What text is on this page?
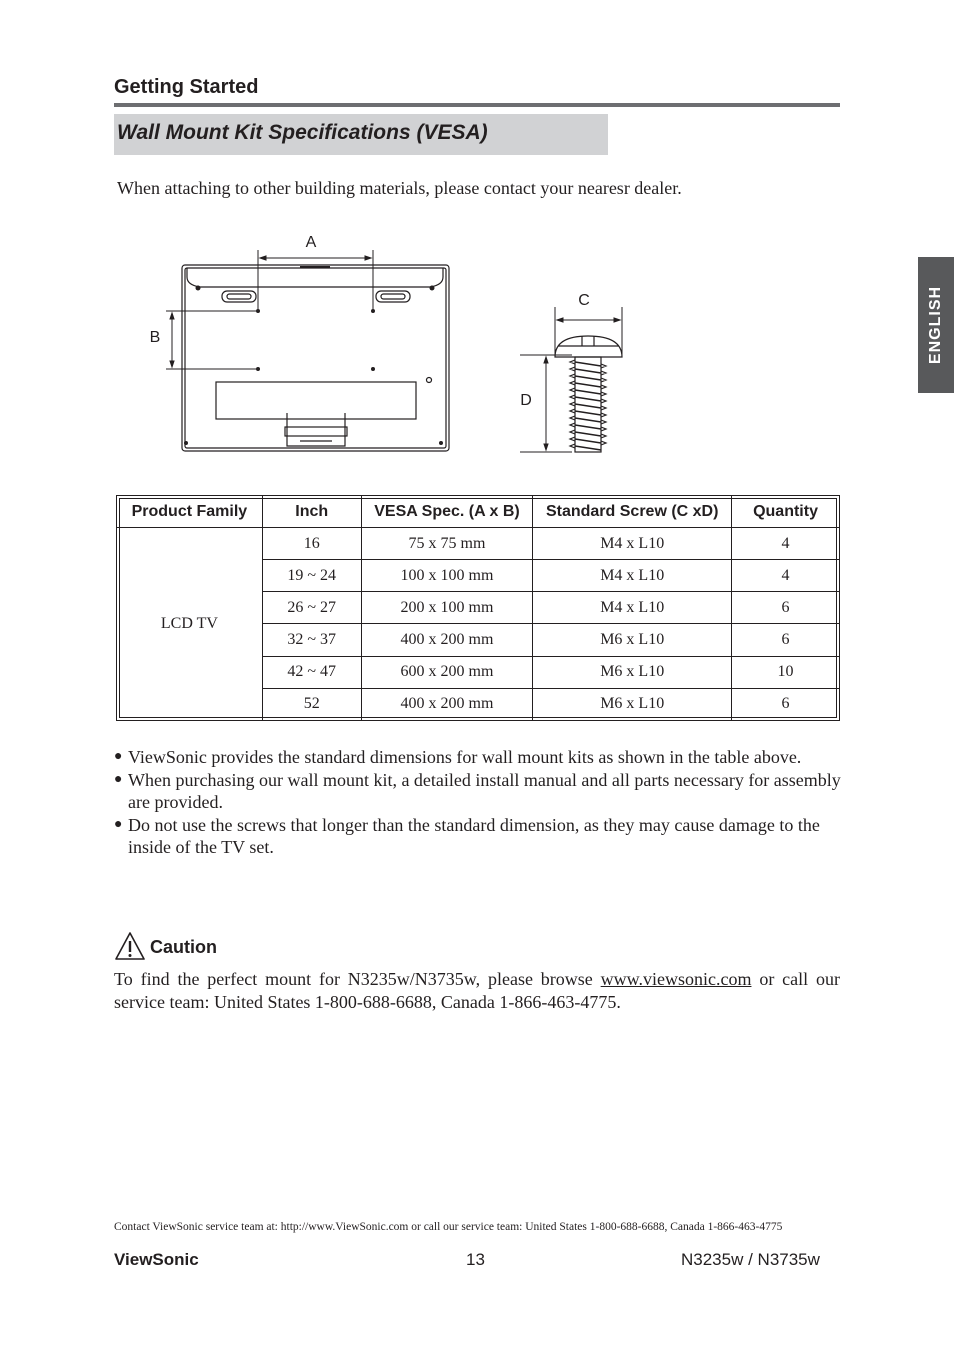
Getting Started
Wall Mount Kit Specifications (VESA)
ENGLISH
When attaching to other building materials, please contact your nearesr dealer.
A
B
C
D
Product Family	Inch	VESA Spec. (A x B)	Standard Screw (C xD)	Quantity
LCD TV	16	75 x 75 mm	M4 x L10	4
	19 ~ 24	100 x 100 mm	M4 x L10	4
	26 ~ 27	200 x 100 mm	M4 x L10	6
	32 ~ 37	400 x 200 mm	M6 x L10	6
	42 ~ 47	600 x 200 mm	M6 x L10	10
	52	400 x 200 mm	M6 x L10	6
● ViewSonic provides the standard dimensions for wall mount kits as shown in the table above.
● When purchasing our wall mount kit, a detailed install manual and all parts necessary for assembly are provided.
● Do not use the screws that longer than the standard dimension, as they may cause damage to the inside of the TV set.
Caution
To find the perfect mount for N3235w/N3735w, please browse www.viewsonic.com or call our service team: United States 1-800-688-6688, Canada 1-866-463-4775.
Contact ViewSonic service team at: http://www.ViewSonic.com or call our service team: United States 1-800-688-6688, Canada 1-866-463-4775
ViewSonic	13	N3235w / N3735w
